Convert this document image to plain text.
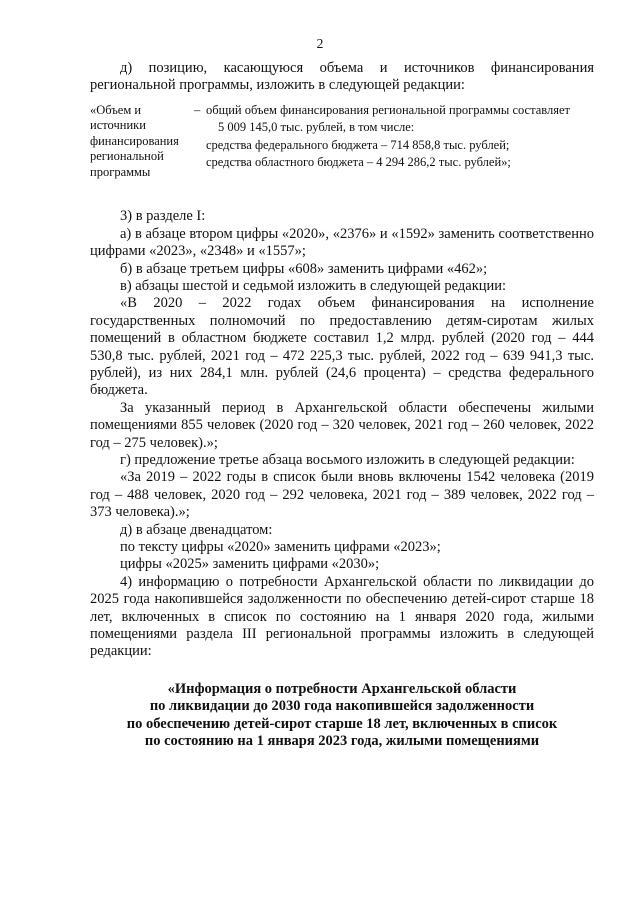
2

д) позицию, касающуюся объема и источников финансирования региональной программы, изложить в следующей редакции:

«Объем и источники финансирования региональной программы
– общий объем финансирования региональной программы составляет
5 009 145,0 тыс. рублей, в том числе:
средства федерального бюджета – 714 858,8 тыс. рублей;
средства областного бюджета – 4 294 286,2 тыс. рублей»;

3) в разделе I:

а) в абзаце втором цифры «2020», «2376» и «1592» заменить соответственно цифрами «2023», «2348» и «1557»;

б) в абзаце третьем цифры «608» заменить цифрами «462»;

в) абзацы шестой и седьмой изложить в следующей редакции:

«В 2020 – 2022 годах объем финансирования на исполнение государственных полномочий по предоставлению детям-сиротам жилых помещений в областном бюджете составил 1,2 млрд. рублей (2020 год – 444 530,8 тыс. рублей, 2021 год – 472 225,3 тыс. рублей, 2022 год – 639 941,3 тыс. рублей), из них 284,1 млн. рублей (24,6 процента) – средства федерального бюджета.

За указанный период в Архангельской области обеспечены жилыми помещениями 855 человек (2020 год – 320 человек, 2021 год – 260 человек, 2022 год – 275 человек).»;

г) предложение третье абзаца восьмого изложить в следующей редакции:

«За 2019 – 2022 годы в список были вновь включены 1542 человека (2019 год – 488 человек, 2020 год – 292 человека, 2021 год – 389 человек, 2022 год – 373 человека).»;

д) в абзаце двенадцатом:

по тексту цифры «2020» заменить цифрами «2023»;

цифры «2025» заменить цифрами «2030»;

4) информацию о потребности Архангельской области по ликвидации до 2025 года накопившейся задолженности по обеспечению детей-сирот старше 18 лет, включенных в список по состоянию на 1 января 2020 года, жилыми помещениями раздела III региональной программы изложить в следующей редакции:

«Информация о потребности Архангельской области
по ликвидации до 2030 года накопившейся задолженности
по обеспечению детей-сирот старше 18 лет, включенных в список
по состоянию на 1 января 2023 года, жилыми помещениями
